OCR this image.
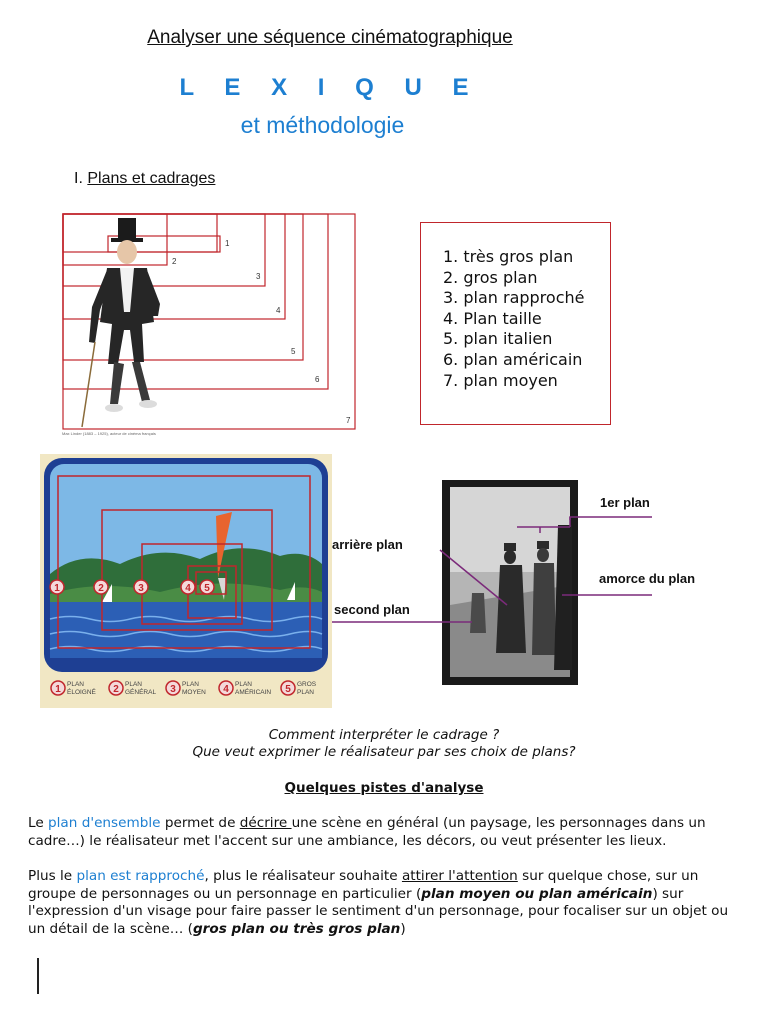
Analyser une séquence cinématographique
L E X I Q U E
et méthodologie
I. Plans et cadrages
1
2
3
4
5
6
7
Max Linder (1883 – 1925), acteur de cinéma français
1. très gros plan
2. gros plan
3. plan rapproché
4. Plan taille
5. plan italien
6. plan américain
7. plan moyen
1	2	3	4 5
1 PLAN
ÉLOIGNÉ 2 PLAN
GÉNÉRAL 3 PLAN
MOYEN 4 PLAN
AMÉRICAIN 5 GROS
PLAN
arrière plan
1er plan
amorce du plan
second plan
Comment interpréter le cadrage ?
Que veut exprimer le réalisateur par ses choix de plans?
Quelques pistes d'analyse
Le plan d'ensemble permet de décrire une scène en général (un paysage, les personnages dans un cadre…) le réalisateur met l'accent sur une ambiance, les décors, ou veut présenter les lieux.
Plus le plan est rapproché, plus le réalisateur souhaite attirer l'attention sur quelque chose, sur un groupe de personnages ou un personnage en particulier (plan moyen ou plan américain) sur l'expression d'un visage pour faire passer le sentiment d'un personnage, pour focaliser sur un objet ou un détail de la scène… (gros plan ou très gros plan)
